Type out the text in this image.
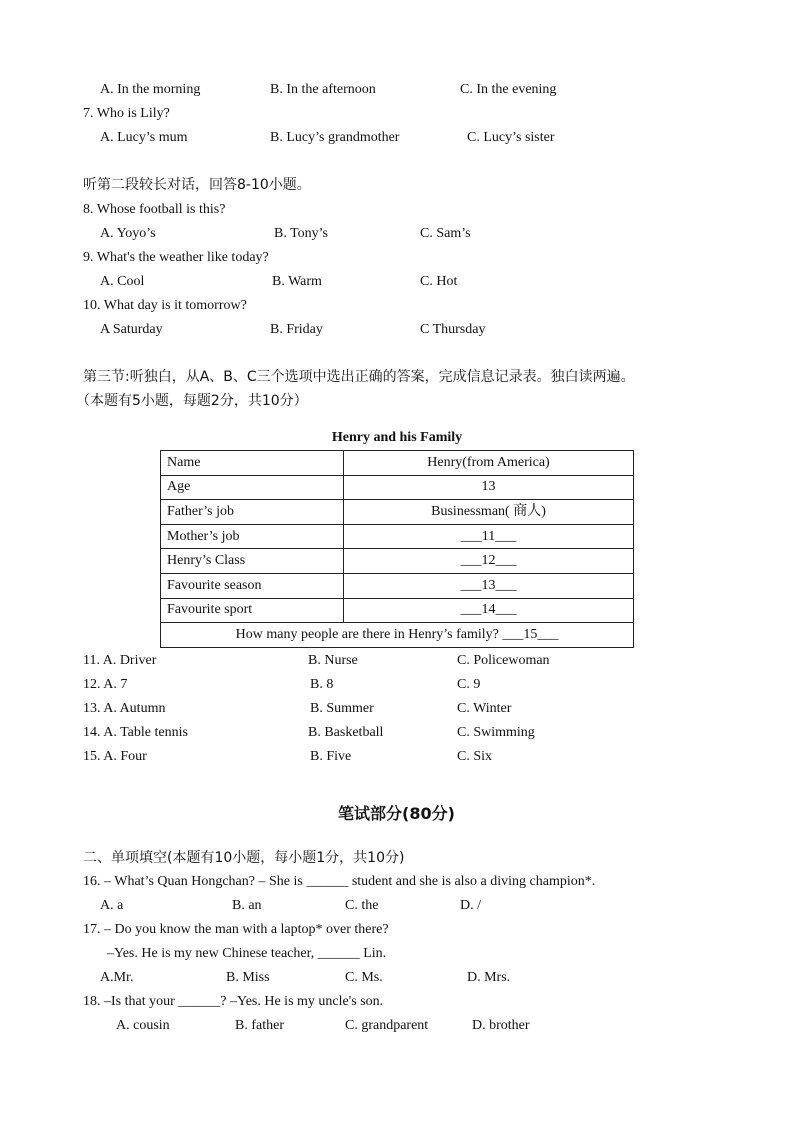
A. In the morning	B. In the afternoon	C. In the evening
7. Who is Lily?
A. Lucy’s mum	B. Lucy’s grandmother	C. Lucy’s sister
听第二段较长对话，回答8-10小题。
8. Whose football is this?
A. Yoyo’s	B. Tony’s	C. Sam’s
9. What's the weather like today?
A. Cool	B. Warm	C. Hot
10. What day is it tomorrow?
A Saturday	B. Friday	C Thursday
第三节:听独白，从A、B、C三个选项中选出正确的答案，完成信息记录表。独白读两遍。
（本题有5小题，每题2分，共10分）
Henry and his Family
Name	Henry(from America)
Age	13
Father’s job	Businessman( 商人)
Mother’s job	___11___
Henry’s Class	___12___
Favourite season	___13___
Favourite sport	___14___
How many people are there in Henry’s family? ___15___	
11. A. Driver	B. Nurse	C. Policewoman
12. A. 7	B. 8	C. 9
13. A. Autumn	B. Summer	C. Winter
14. A. Table tennis	B. Basketball	C. Swimming
15. A. Four	B. Five	C. Six
笔试部分(80分)
二、单项填空(本题有10小题，每小题1分，共10分)
16. – What’s Quan Hongchan? – She is ______ student and she is also a diving champion*.
A. a	B. an	C. the	D. /
17. – Do you know the man with a laptop* over there?
–Yes. He is my new Chinese teacher, ______ Lin.
A.Mr.	B. Miss	C. Ms.	D. Mrs.
18. –Is that your ______? –Yes. He is my uncle's son.
A. cousin	B. father	C. grandparent	D. brother
